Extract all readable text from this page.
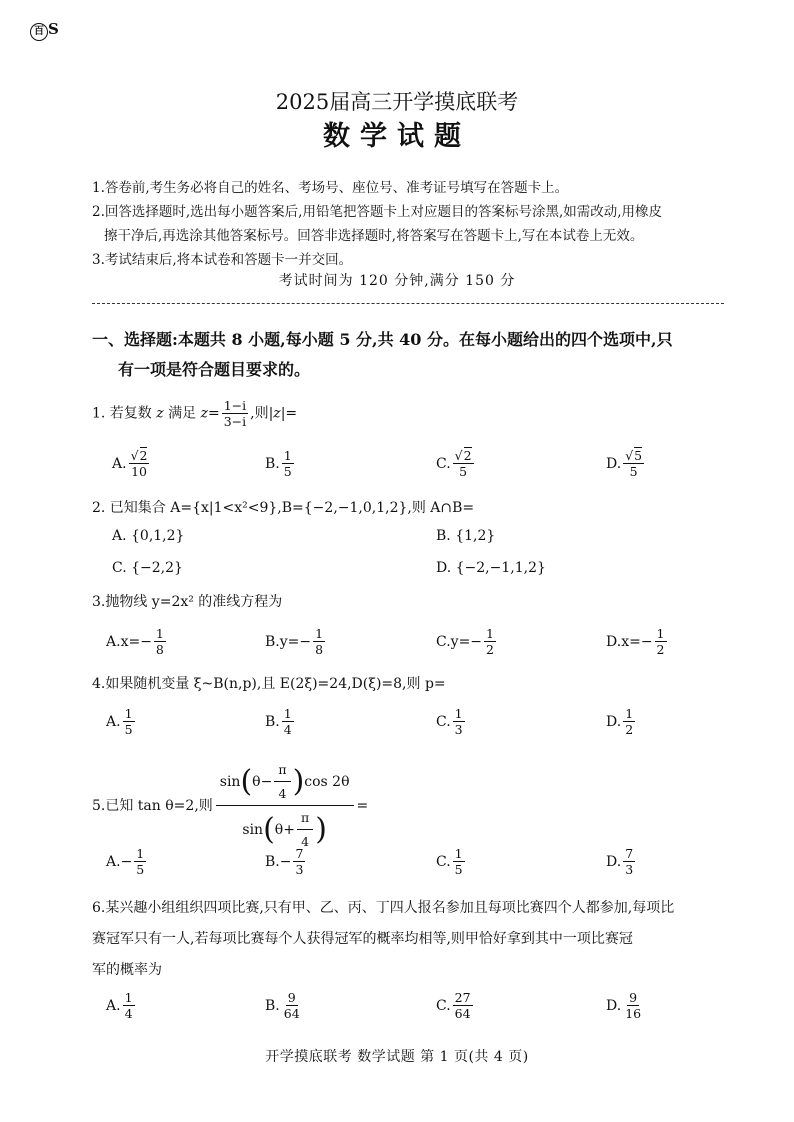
百 S
2025届高三开学摸底联考
数学试题

1.答卷前,考生务必将自己的姓名、考场号、座位号、准考证号填写在答题卡上。

2.回答选择题时,选出每小题答案后,用铅笔把答题卡上对应题目的答案标号涂黑,如需改动,用橡皮

擦干净后,再选涂其他答案标号。回答非选择题时,将答案写在答题卡上,写在本试卷上无效。

3.考试结束后,将本试卷和答题卡一并交回。

考试时间为 120 分钟,满分 150 分
一、选择题:本题共 8 小题,每小题 5 分,共 40 分。在每小题给出的四个选项中,只
有一项是符合题目要求的。
1. 若复数 z 满足 $z= \frac{1-i}{3-i}$ ,则|z|=
A. $\frac{√2}{10}$	B. $\frac{1}{5}$	C. $\frac{√2}{5}$	D. $\frac{√5}{5}$
2. 已知集合 A={x|1<x²<9},B={−2,−1,0,1,2},则 A∩B=
A. {0,1,2}	B. {1,2}
C. {−2,2}	D. {−2,−1,1,2}
3.抛物线 y=2x² 的准线方程为
A. $x=- \frac{1}{8}$	B. $y=- \frac{1}{8}$	C. $y=- \frac{1}{2}$	D. $x=- \frac{1}{2}$
4.如果随机变量 ξ~B(n,p),且 E(2ξ)=24,D(ξ)=8,则 p=
A. $\frac{1}{5}$	B. $\frac{1}{4}$	C. $\frac{1}{3}$	D. $\frac{1}{2}$
5.已知 tan θ=2,则 $\frac{\sin ( \theta- \frac{\pi}{4} ) \cos 2\theta}{\sin ( \theta+ \frac{\pi}{4} )}$ =
A. − $\frac{1}{5}$	B. − $\frac{7}{3}$	C. $\frac{1}{5}$	D. $\frac{7}{3}$
6.某兴趣小组组织四项比赛,只有甲、乙、丙、丁四人报名参加且每项比赛四个人都参加,每项比
赛冠军只有一人,若每项比赛每个人获得冠军的概率均相等,则甲恰好拿到其中一项比赛冠
军的概率为
A. $\frac{1}{4}$	B. $\frac{9}{64}$	C. $\frac{27}{64}$	D. $\frac{9}{16}$
开学摸底联考 数学试题 第 1 页(共 4 页)
